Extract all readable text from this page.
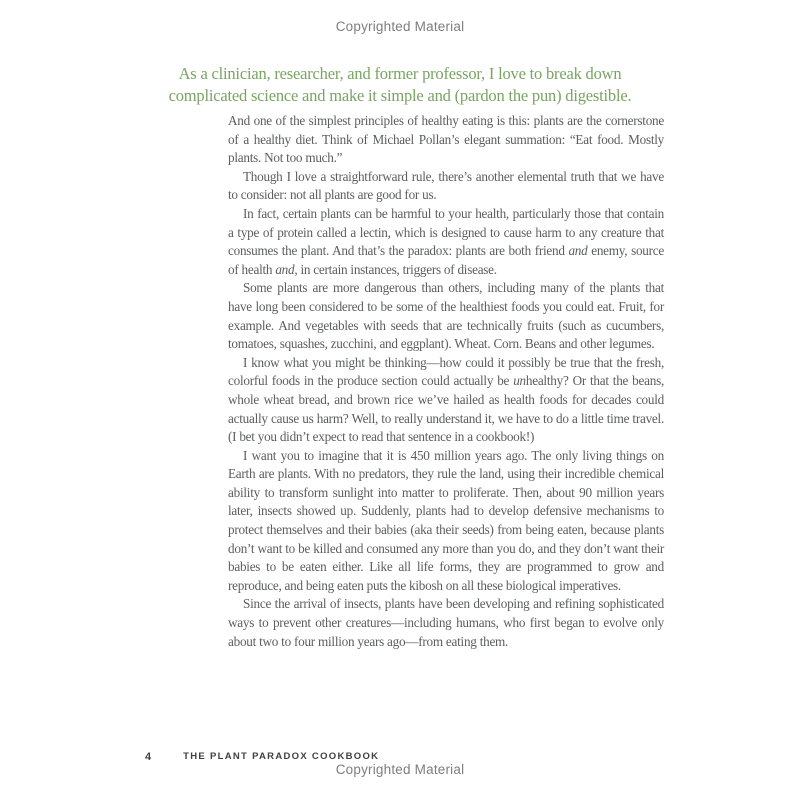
Copyrighted Material
As a clinician, researcher, and former professor, I love to break down
complicated science and make it simple and (pardon the pun) digestible.

And one of the simplest principles of healthy eating is this: plants are the cornerstone of a healthy diet. Think of Michael Pollan’s elegant summation: “Eat food. Mostly plants. Not too much.”

Though I love a straightforward rule, there’s another elemental truth that we have to consider: not all plants are good for us.

In fact, certain plants can be harmful to your health, particularly those that contain a type of protein called a lectin, which is designed to cause harm to any creature that consumes the plant. And that’s the paradox: plants are both friend and enemy, source of health and, in certain instances, triggers of disease.

Some plants are more dangerous than others, including many of the plants that have long been considered to be some of the healthiest foods you could eat. Fruit, for example. And vegetables with seeds that are technically fruits (such as cucumbers, tomatoes, squashes, zucchini, and eggplant). Wheat. Corn. Beans and other legumes.

I know what you might be thinking—how could it possibly be true that the fresh, colorful foods in the produce section could actually be unhealthy? Or that the beans, whole wheat bread, and brown rice we’ve hailed as health foods for decades could actually cause us harm? Well, to really understand it, we have to do a little time travel. (I bet you didn’t expect to read that sentence in a cookbook!)

I want you to imagine that it is 450 million years ago. The only living things on Earth are plants. With no predators, they rule the land, using their incredible chemical ability to transform sunlight into matter to proliferate. Then, about 90 million years later, insects showed up. Suddenly, plants had to develop defensive mechanisms to protect themselves and their babies (aka their seeds) from being eaten, because plants don’t want to be killed and consumed any more than you do, and they don’t want their babies to be eaten either. Like all life forms, they are programmed to grow and reproduce, and being eaten puts the kibosh on all these biological imperatives.

Since the arrival of insects, plants have been developing and refining sophisticated ways to prevent other creatures—including humans, who first began to evolve only about two to four million years ago—from eating them.

4	THE PLANT PARADOX COOKBOOK
Copyrighted Material
